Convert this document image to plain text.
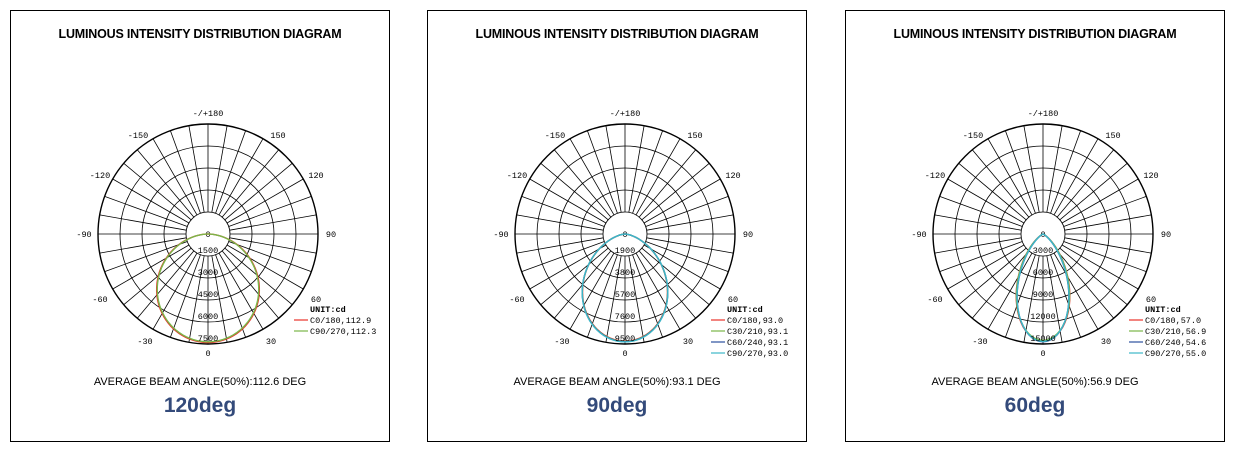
LUMINOUS INTENSITY DISTRIBUTION DIAGRAM
0
-/+180
-150	150
-120	120
-90	90
-60	60
-30	30
0
1500
3000
4500
6000
7500
UNIT:cd
C0/180,112.9
C90/270,112.3
AVERAGE BEAM ANGLE(50%):112.6 DEG
120deg
LUMINOUS INTENSITY DISTRIBUTION DIAGRAM
0
-/+180
-150	150
-120	120
-90	90
-60	60
-30	30
0
1900
3800
5700
7600
9500
UNIT:cd
C0/180,93.0
C30/210,93.1
C60/240,93.1
C90/270,93.0
AVERAGE BEAM ANGLE(50%):93.1 DEG
90deg
LUMINOUS INTENSITY DISTRIBUTION DIAGRAM
0
-/+180
-150	150
-120	120
-90	90
-60	60
-30	30
0
3000
6000
9000
12000
15000
UNIT:cd
C0/180,57.0
C30/210,56.9
C60/240,54.6
C90/270,55.0
AVERAGE BEAM ANGLE(50%):56.9 DEG
60deg
